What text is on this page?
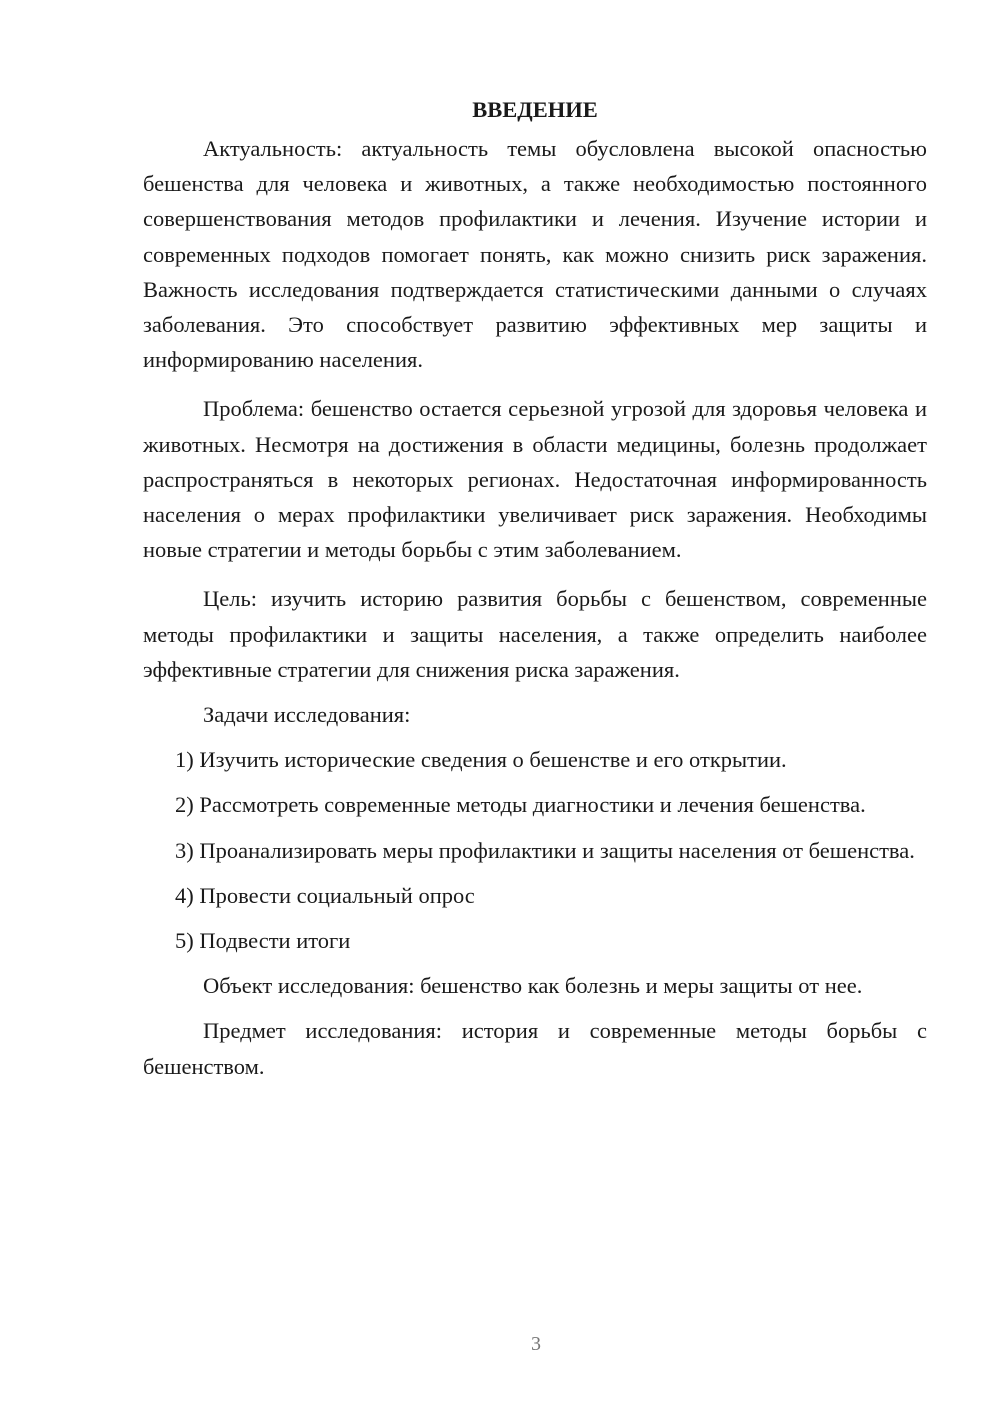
ВВЕДЕНИЕ

Актуальность: актуальность темы обусловлена высокой опасностью бешенства для человека и животных, а также необходимостью постоянного совершенствования методов профилактики и лечения. Изучение истории и современных подходов помогает понять, как можно снизить риск заражения. Важность исследования подтверждается статистическими данными о случаях заболевания. Это способствует развитию эффективных мер защиты и информированию населения.

Проблема: бешенство остается серьезной угрозой для здоровья человека и животных. Несмотря на достижения в области медицины, болезнь продолжает распространяться в некоторых регионах. Недостаточная информированность населения о мерах профилактики увеличивает риск заражения. Необходимы новые стратегии и методы борьбы с этим заболеванием.

Цель: изучить историю развития борьбы с бешенством, современные методы профилактики и защиты населения, а также определить наиболее эффективные стратегии для снижения риска заражения.

Задачи исследования:

1) Изучить исторические сведения о бешенстве и его открытии.

2) Рассмотреть современные методы диагностики и лечения бешенства.

3) Проанализировать меры профилактики и защиты населения от бешенства.

4) Провести социальный опрос

5) Подвести итоги

Объект исследования: бешенство как болезнь и меры защиты от нее.

Предмет исследования: история и современные методы борьбы с бешенством.

3
